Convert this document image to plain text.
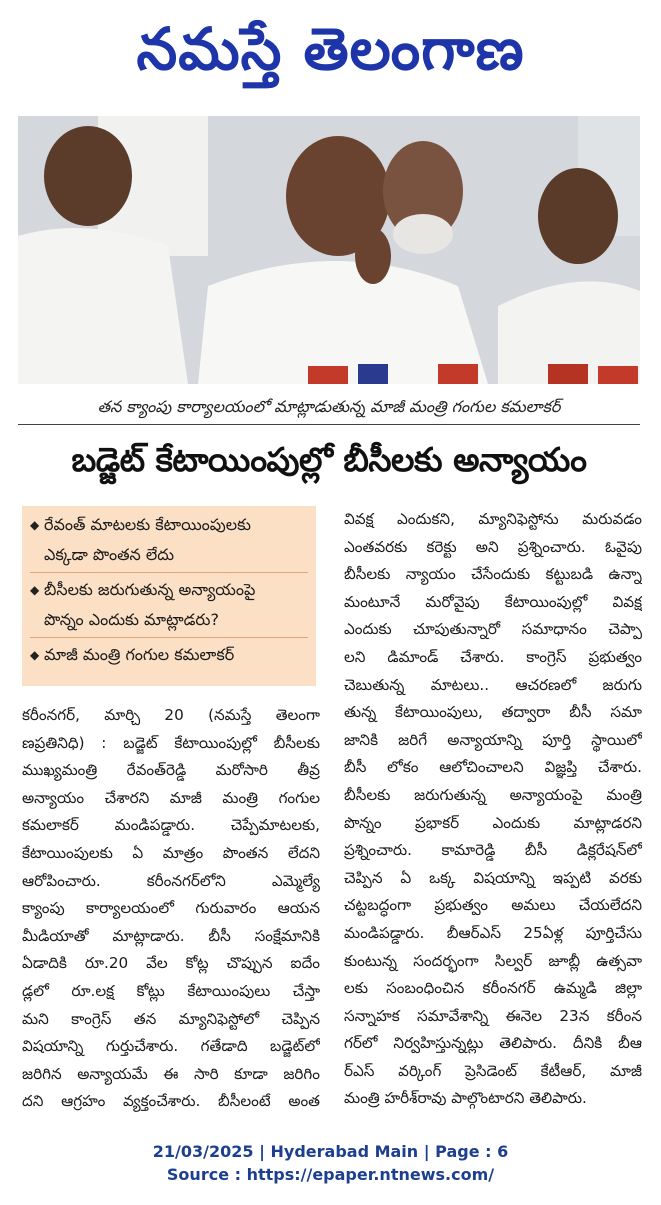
నమస్తే తెలంగాణ
తన క్యాంపు కార్యాలయంలో మాట్లాడుతున్న మాజీ మంత్రి గంగుల కమలాకర్
బడ్జెట్ కేటాయింపుల్లో బీసీలకు అన్యాయం
◆ రేవంత్ మాటలకు కేటాయింపులకు
ఎక్కడా పొంతన లేదు
◆ బీసీలకు జరుగుతున్న అన్యాయంపై
పొన్నం ఎందుకు మాట్లాడరు?
◆ మాజీ మంత్రి గంగుల కమలాకర్
కరీంనగర్, మార్చి 20 (నమస్తే తెలంగా
ణప్రతినిధి) : బడ్జెట్ కేటాయింపుల్లో బీసీలకు
ముఖ్యమంత్రి రేవంత్‌రెడ్డి మరోసారి తీవ్ర
అన్యాయం చేశారని మాజీ మంత్రి గంగుల
కమలాకర్ మండిపడ్డారు. చెప్పేమాటలకు,
కేటాయింపులకు ఏ మాత్రం పొంతన లేదని
ఆరోపించారు. కరీంనగర్‌లోని ఎమ్మెల్యే
క్యాంపు కార్యాలయంలో గురువారం ఆయన
మీడియాతో మాట్లాడారు. బీసీ సంక్షేమానికి
ఏడాదికి రూ.20 వేల కోట్ల చొప్పున ఐదేం
డ్లలో రూ.లక్ష కోట్లు కేటాయింపులు చేస్తా
మని కాంగ్రెస్ తన మ్యానిఫెస్టోలో చెప్పిన
విషయాన్ని గుర్తుచేశారు. గతేడాది బడ్జెట్‌లో
జరిగిన అన్యాయమే ఈ సారి కూడా జరిగిం
దని ఆగ్రహం వ్యక్తంచేశారు. బీసీలంటే అంత
వివక్ష ఎందుకని, మ్యానిఫెస్టోను మరువడం
ఎంతవరకు కరెక్టు అని ప్రశ్నించారు. ఓవైపు
బీసీలకు న్యాయం చేసేందుకు కట్టుబడి ఉన్నా
మంటూనే మరోవైపు కేటాయింపుల్లో వివక్ష
ఎందుకు చూపుతున్నారో సమాధానం చెప్పా
లని డిమాండ్ చేశారు. కాంగ్రెస్ ప్రభుత్వం
చెబుతున్న మాటలు.. ఆచరణలో జరుగు
తున్న కేటాయింపులు, తద్వారా బీసీ సమా
జానికి జరిగే అన్యాయాన్ని పూర్తి స్థాయిలో
బీసీ లోకం ఆలోచించాలని విజ్ఞప్తి చేశారు.
బీసీలకు జరుగుతున్న అన్యాయంపై మంత్రి
పొన్నం ప్రభాకర్ ఎందుకు మాట్లాడరని
ప్రశ్నించారు. కామారెడ్డి బీసీ డిక్లరేషన్‌లో
చెప్పిన ఏ ఒక్క విషయాన్ని ఇప్పటి వరకు
చట్టబద్ధంగా ప్రభుత్వం అమలు చేయలేదని
మండిపడ్డారు. బీఆర్ఎస్ 25ఏళ్ల పూర్తిచేసు
కుంటున్న సందర్భంగా సిల్వర్ జూబ్లీ ఉత్సవా
లకు సంబంధించిన కరీంనగర్ ఉమ్మడి జిల్లా
సన్నాహక సమావేశాన్ని ఈనెల 23న కరీంన
గర్‌లో నిర్వహిస్తున్నట్లు తెలిపారు. దీనికి బీఆ
ర్ఎస్ వర్కింగ్ ప్రెసిడెంట్ కేటీఆర్, మాజీ
మంత్రి హరీశ్‌రావు పాల్గొంటారని తెలిపారు.
21/03/2025 | Hyderabad Main | Page : 6
Source : https://epaper.ntnews.com/
